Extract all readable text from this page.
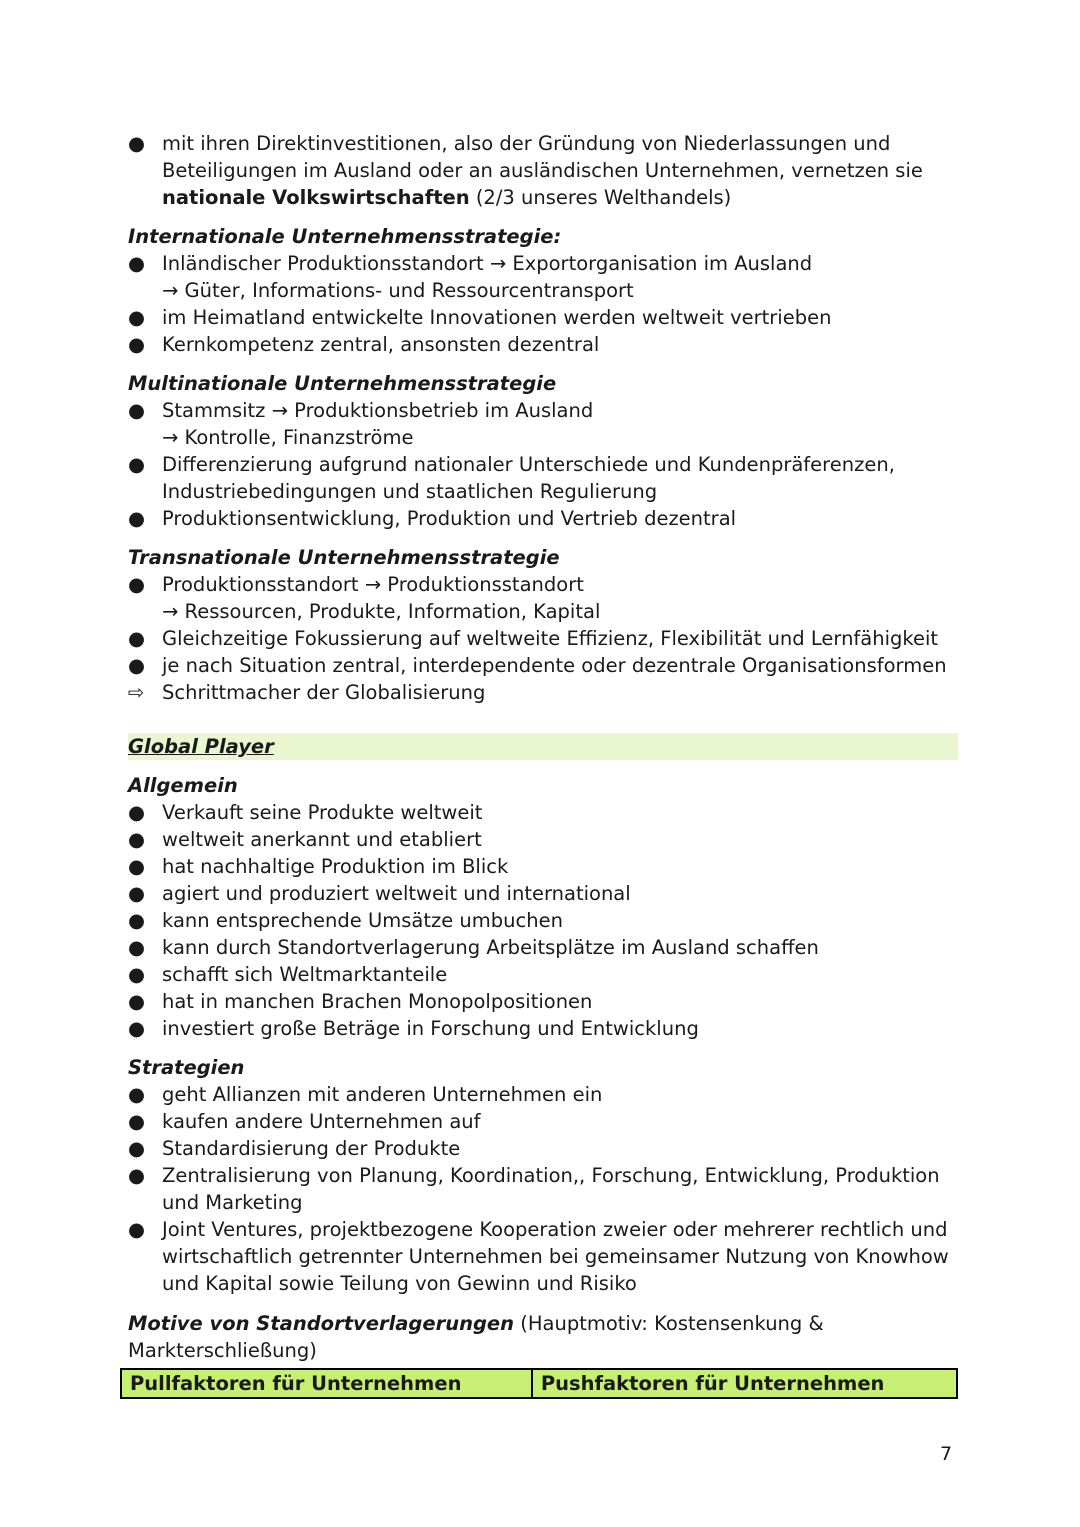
● mit ihren Direktinvestitionen, also der Gründung von Niederlassungen und Beteiligungen im Ausland oder an ausländischen Unternehmen, vernetzen sie nationale Volkswirtschaften (2/3 unseres Welthandels)
Internationale Unternehmensstrategie:
● Inländischer Produktionsstandort → Exportorganisation im Ausland
→ Güter, Informations- und Ressourcentransport
● im Heimatland entwickelte Innovationen werden weltweit vertrieben
● Kernkompetenz zentral, ansonsten dezentral
Multinationale Unternehmensstrategie
● Stammsitz → Produktionsbetrieb im Ausland
→ Kontrolle, Finanzströme
● Differenzierung aufgrund nationaler Unterschiede und Kundenpräferenzen, Industriebedingungen und staatlichen Regulierung
● Produktionsentwicklung, Produktion und Vertrieb dezentral
Transnationale Unternehmensstrategie
● Produktionsstandort → Produktionsstandort
→ Ressourcen, Produkte, Information, Kapital
● Gleichzeitige Fokussierung auf weltweite Effizienz, Flexibilität und Lernfähigkeit
● je nach Situation zentral, interdependente oder dezentrale Organisationsformen
⇨ Schrittmacher der Globalisierung
Global Player
Allgemein
● Verkauft seine Produkte weltweit
● weltweit anerkannt und etabliert
● hat nachhaltige Produktion im Blick
● agiert und produziert weltweit und international
● kann entsprechende Umsätze umbuchen
● kann durch Standortverlagerung Arbeitsplätze im Ausland schaffen
● schafft sich Weltmarktanteile
● hat in manchen Brachen Monopolpositionen
● investiert große Beträge in Forschung und Entwicklung
Strategien
● geht Allianzen mit anderen Unternehmen ein
● kaufen andere Unternehmen auf
● Standardisierung der Produkte
● Zentralisierung von Planung, Koordination,, Forschung, Entwicklung, Produktion und Marketing
● Joint Ventures, projektbezogene Kooperation zweier oder mehrerer rechtlich und wirtschaftlich getrennter Unternehmen bei gemeinsamer Nutzung von Knowhow und Kapital sowie Teilung von Gewinn und Risiko
Motive von Standortverlagerungen (Hauptmotiv: Kostensenkung & Markterschließung)
Pullfaktoren für Unternehmen	Pushfaktoren für Unternehmen
7
